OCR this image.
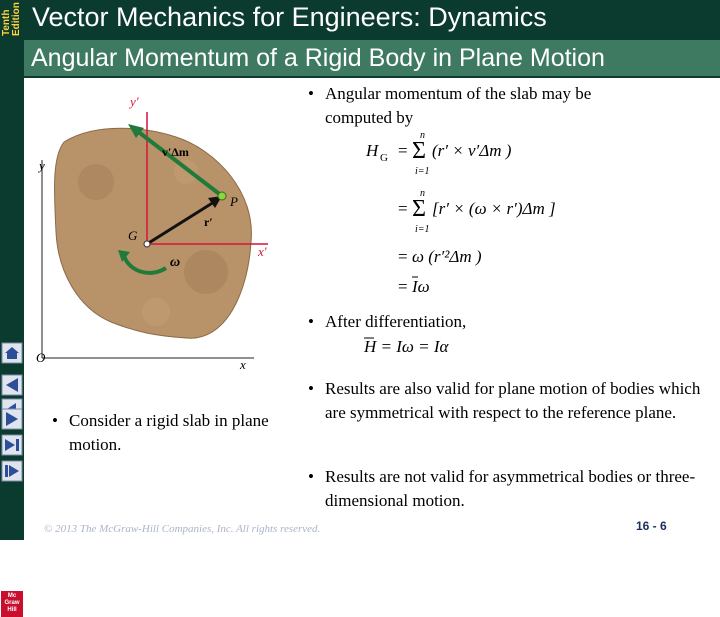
Tenth Edition Vector Mechanics for Engineers: Dynamics
Angular Momentum of a Rigid Body in Plane Motion
Mc Graw Hill
y
x
O
y′
x′
v′Δm
r′
P
G
ω
• Angular momentum of the slab may be computed by
H G = Σ
n
i=1
(r′ × v′Δm )
= Σ
n
i=1
[r′ × (ω × r′)Δm ]
= ω (r′²Δm )
= Iω
• After differentiation,
H = Iω = Iα
• Results are also valid for plane motion of bodies which are symmetrical with respect to the reference plane.
• Results are not valid for asymmetrical bodies or three-dimensional motion.
• Consider a rigid slab in plane motion.
© 2013 The McGraw-Hill Companies, Inc. All rights reserved.	16 - 6
